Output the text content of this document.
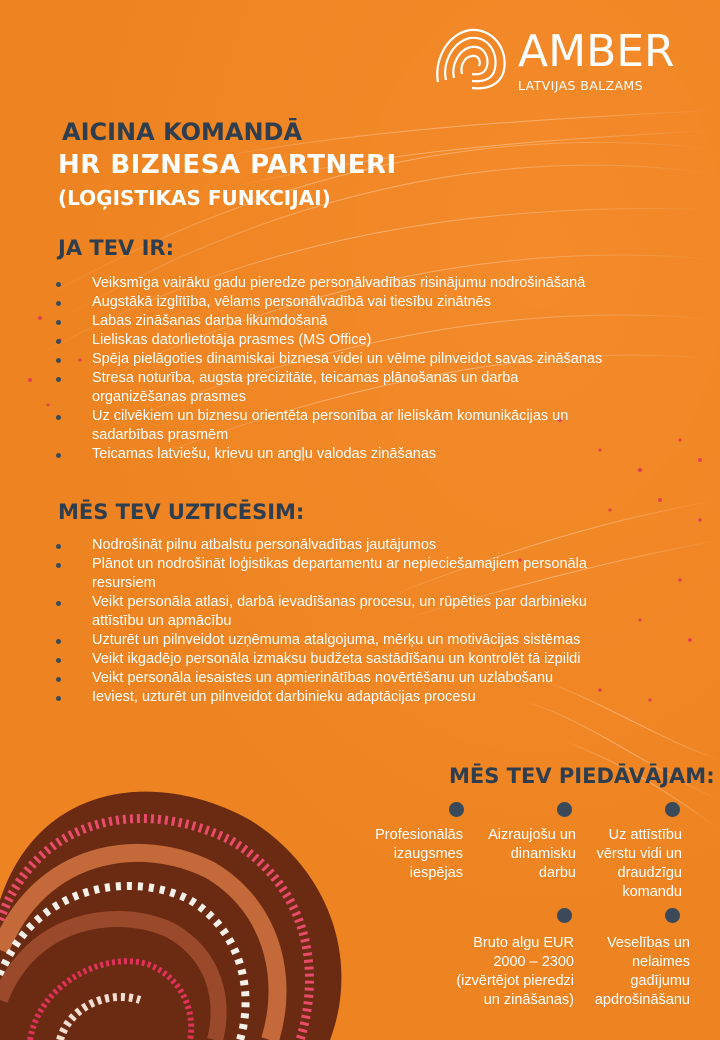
AMBER
LATVIJAS BALZAMS
AICINA KOMANDĀ
HR BIZNESA PARTNERI
(LOĢISTIKAS FUNKCIJAI)
JA TEV IR:
Veiksmīga vairāku gadu pieredze personālvadības risinājumu nodrošināšanā
Augstākā izglītība, vēlams personālvadībā vai tiesību zinātnēs
Labas zināšanas darba likumdošanā
Lieliskas datorlietotāja prasmes (MS Office)
Spēja pielāgoties dinamiskai biznesa videi un vēlme pilnveidot savas zināšanas
Stresa noturība, augsta precizitāte, teicamas plānošanas un darba organizēšanas prasmes
Uz cilvēkiem un biznesu orientēta personība ar lieliskām komunikācijas un sadarbības prasmēm
Teicamas latviešu, krievu un angļu valodas zināšanas
MĒS TEV UZTICĒSIM:
Nodrošināt pilnu atbalstu personālvadības jautājumos
Plānot un nodrošināt loģistikas departamentu ar nepieciešamajiem personāla resursiem
Veikt personāla atlasi, darbā ievadīšanas procesu, un rūpēties par darbinieku attīstību un apmācību
Uzturēt un pilnveidot uzņēmuma atalgojuma, mērķu un motivācijas sistēmas
Veikt ikgadējo personāla izmaksu budžeta sastādīšanu un kontrolēt tā izpildi
Veikt personāla iesaistes un apmierinātības novērtēšanu un uzlabošanu
Ieviest, uzturēt un pilnveidot darbinieku adaptācijas procesu
MĒS TEV PIEDĀVĀJAM:
Profesionālās izaugsmes iespējas
Aizraujošu un dinamisku darbu
Uz attīstību vērstu vidi un draudzīgu komandu
Bruto algu EUR 2000 – 2300 (izvērtējot pieredzi un zināšanas)
Veselības un nelaimes gadījumu apdrošināšanu
